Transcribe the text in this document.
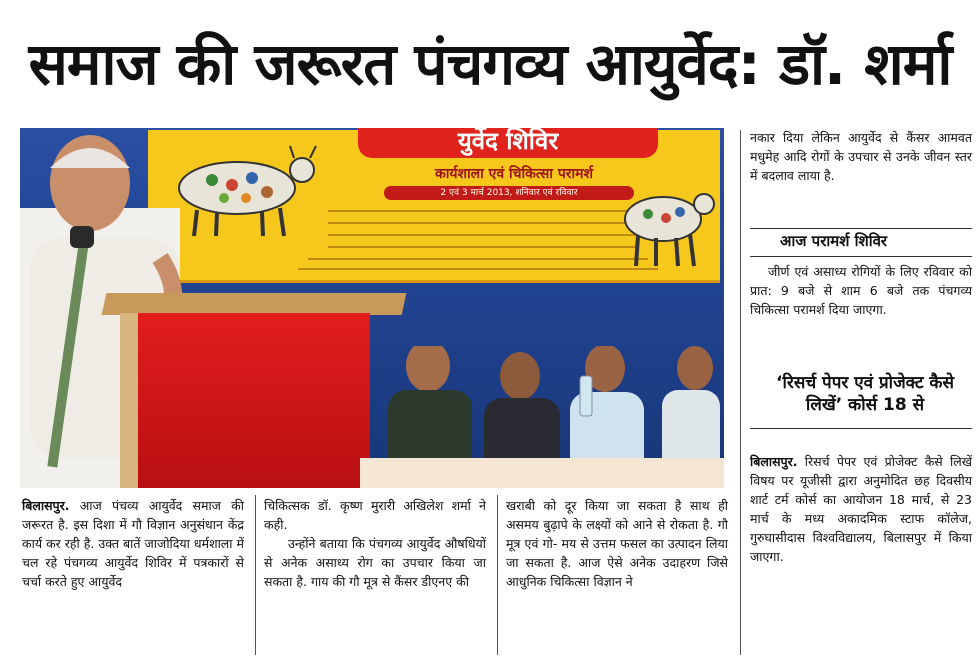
समाज की जरूरत पंचगव्य आयुर्वेद: डॉ. शर्मा
युर्वेद शिविर
कार्यशाला एवं चिकित्सा परामर्श
2 एवं 3 मार्च 2013, शनिवार एवं रविवार

बिलासपुर. आज पंचव्य आयुर्वेद समाज की जरूरत है. इस दिशा में गौ विज्ञान अनुसंधान केंद्र कार्य कर रही है. उक्त बातें जाजोदिया धर्मशाला में चल रहे पंचगव्य आयुर्वेद शिविर में पत्रकारों से चर्चा करते हुए आयुर्वेद

चिकित्सक डॉ. कृष्ण मुरारी अखिलेश शर्मा ने कही.

उन्होंने बताया कि पंचगव्य आयुर्वेद औषधियों से अनेक असाध्य रोग का उपचार किया जा सकता है. गाय की गौ मूत्र से कैंसर डीएनए की

खराबी को दूर किया जा सकता है साथ ही असमय बुढ़ापे के लक्ष्यों को आने से रोकता है. गौ मूत्र एवं गो- मय से उत्तम फसल का उत्पादन लिया जा सकता है. आज ऐसे अनेक उदाहरण जिसे आधुनिक चिकित्सा विज्ञान ने

नकार दिया लेकिन आयुर्वेद से कैंसर आमवत मधुमेह आदि रोगों के उपचार से उनके जीवन स्तर में बदलाव लाया है.

आज परामर्श शिविर

जीर्ण एवं असाध्य रोगियों के लिए रविवार को प्रात: 9 बजे से शाम 6 बजे तक पंचगव्य चिकित्सा परामर्श दिया जाएगा.

‘रिसर्च पेपर एवं प्रोजेक्ट कैसे लिखें’ कोर्स 18 से

बिलासपुर. रिसर्च पेपर एवं प्रोजेक्ट कैसे लिखें विषय पर यूजीसी द्वारा अनुमोदित छह दिवसीय शार्ट टर्म कोर्स का आयोजन 18 मार्च, से 23 मार्च के मध्य अकादमिक स्टाफ कॉलेज, गुरुघासीदास विश्वविद्यालय, बिलासपुर में किया जाएगा.
